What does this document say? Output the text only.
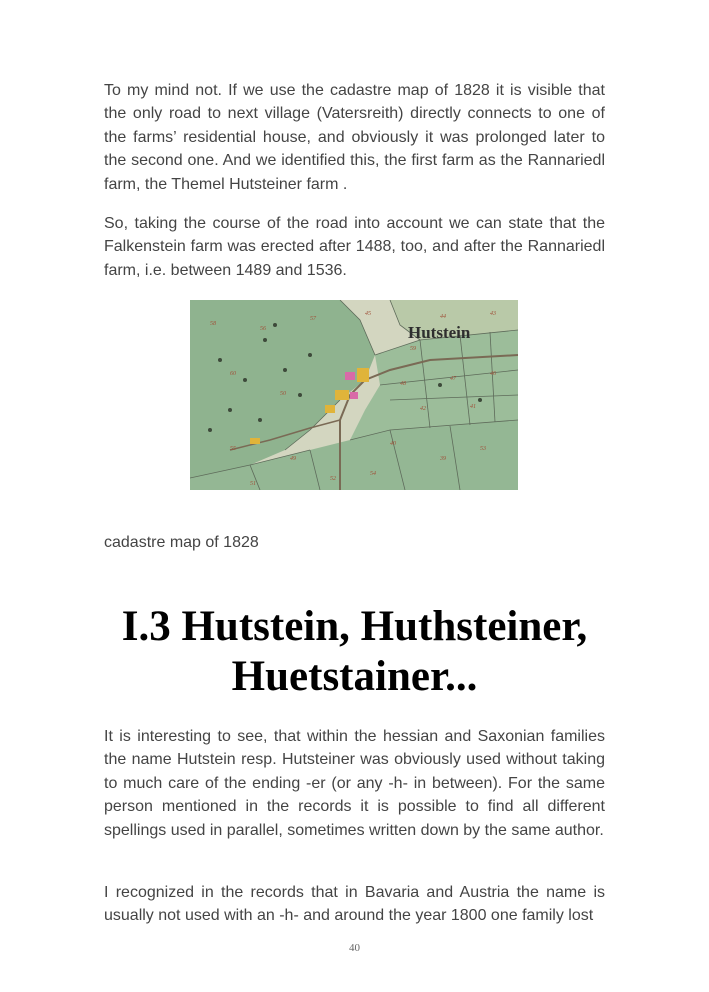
To my mind not. If we use the cadastre map of 1828 it is visible that the only road to next village (Vatersreith) directly connects to one of the farms’ residential house, and obviously it was prolonged later to the second one. And we identified this, the first farm as the Rannariedl farm, the Themel Hutsteiner farm .

So, taking the course of the road into account we can state that the Falkenstein farm was erected after 1488, too, and after the Rannariedl farm, i.e. between 1489 and 1536.

45	44	43
56
60
50
48
47
46
42	41
40
39
49
55
54
53
52
51
57
58
59
Hutstein

cadastre map of 1828

I.3 Hutstein, Huthsteiner,
Huetstainer...

It is interesting to see, that within the hessian and Saxonian families the name Hutstein resp. Hutsteiner was obviously used without taking to much care of the ending -er (or any -h- in between). For the same person mentioned in the records it is possible to find all different spellings used in parallel, sometimes written down by the same author.

I recognized in the records that in Bavaria and Austria the name is usually not used with an -h- and around the year 1800 one family lost

40
